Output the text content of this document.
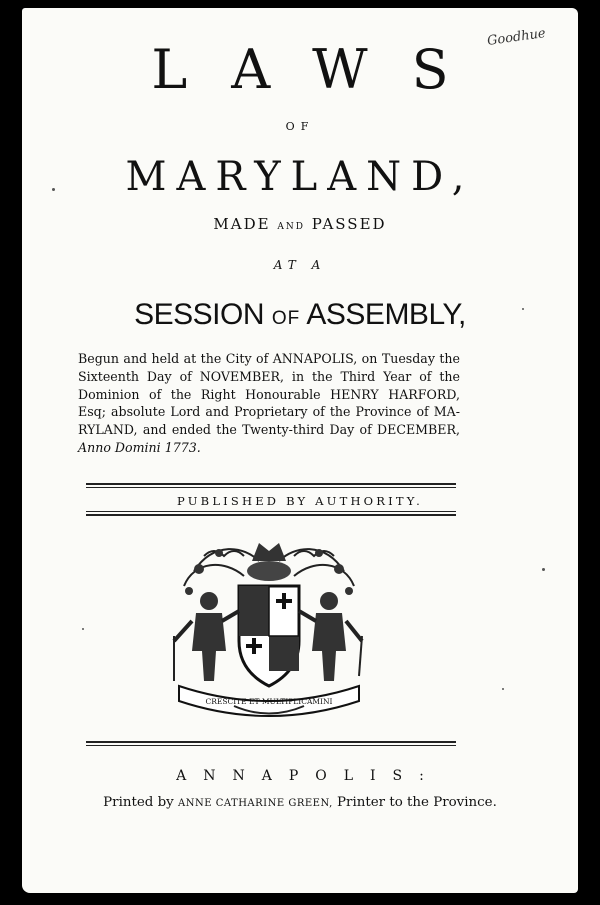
Goodhue
LAWS
OF
MARYLAND,
MADE AND PASSED
AT A
SESSION OF ASSEMBLY,
Begun and held at the City of ANNAPOLIS, on Tuesday the
Sixteenth Day of NOVEMBER, in the Third Year of the
Dominion of the Right Honourable HENRY HARFORD,
Esq; absolute Lord and Proprietary of the Province of MA-
RYLAND, and ended the Twenty-third Day of DECEMBER,
Anno Domini 1773.
PUBLISHED BY AUTHORITY.
CRESCITE ET MULTIPLICAMINI
ANNAPOLIS:
Printed by ANNE CATHARINE GREEN, Printer to the Province.
